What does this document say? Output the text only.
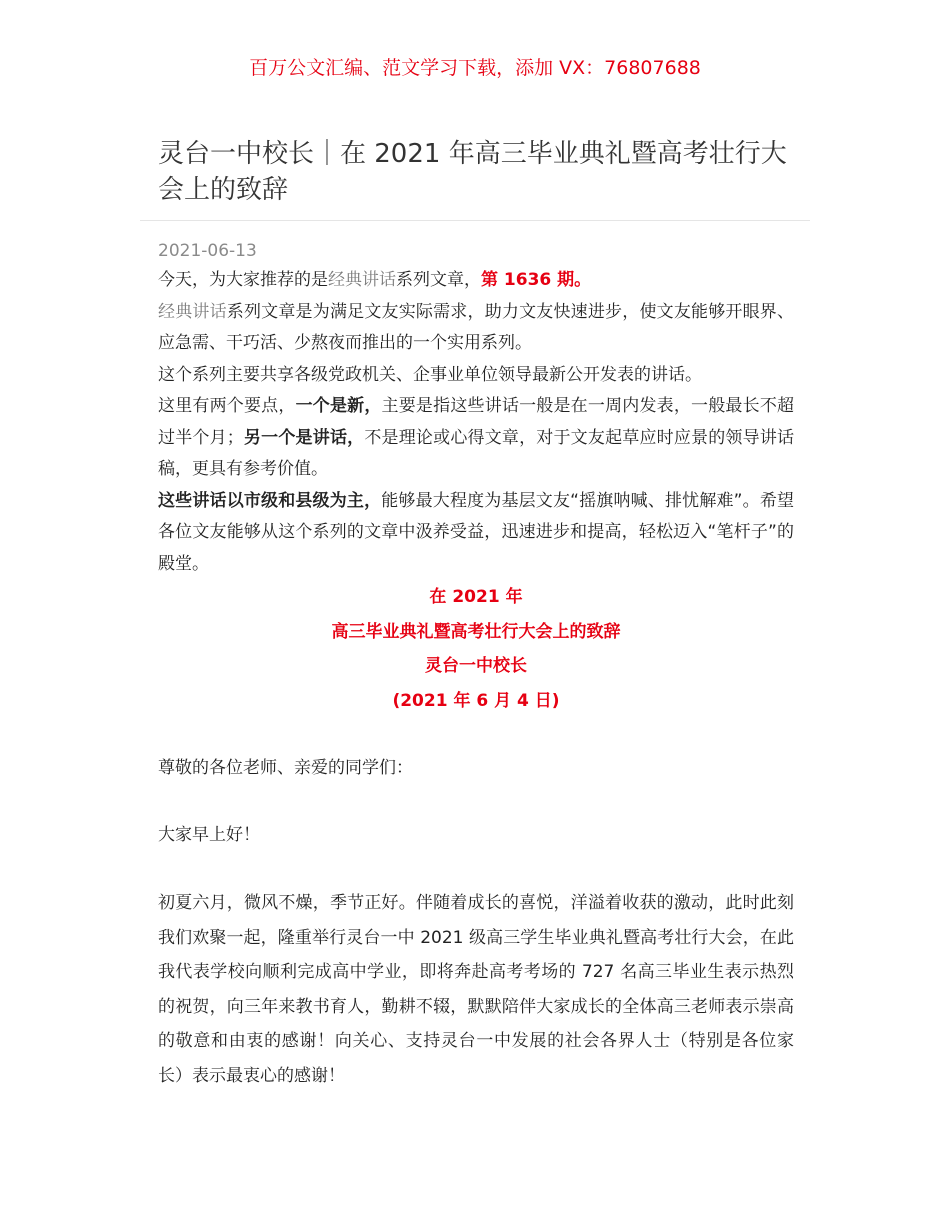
百万公文汇编、范文学习下载，添加 VX：76807688
灵台一中校长｜在 2021 年高三毕业典礼暨高考壮行大会上的致辞
2021-06-13

今天，为大家推荐的是经典讲话系列文章，第 1636 期。

经典讲话系列文章是为满足文友实际需求，助力文友快速进步，使文友能够开眼界、应急需、干巧活、少熬夜而推出的一个实用系列。

这个系列主要共享各级党政机关、企事业单位领导最新公开发表的讲话。

这里有两个要点，一个是新，主要是指这些讲话一般是在一周内发表，一般最长不超过半个月；另一个是讲话，不是理论或心得文章，对于文友起草应时应景的领导讲话稿，更具有参考价值。

这些讲话以市级和县级为主，能够最大程度为基层文友“摇旗呐喊、排忧解难”。希望各位文友能够从这个系列的文章中汲养受益，迅速进步和提高，轻松迈入“笔杆子”的殿堂。

在 2021 年

高三毕业典礼暨高考壮行大会上的致辞

灵台一中校长

(2021 年 6 月 4 日)

尊敬的各位老师、亲爱的同学们：

大家早上好！

初夏六月，微风不燥，季节正好。伴随着成长的喜悦，洋溢着收获的激动，此时此刻我们欢聚一起，隆重举行灵台一中 2021 级高三学生毕业典礼暨高考壮行大会，在此我代表学校向顺利完成高中学业，即将奔赴高考考场的 727 名高三毕业生表示热烈的祝贺，向三年来教书育人，勤耕不辍，默默陪伴大家成长的全体高三老师表示崇高的敬意和由衷的感谢！向关心、支持灵台一中发展的社会各界人士（特别是各位家长）表示最衷心的感谢！
